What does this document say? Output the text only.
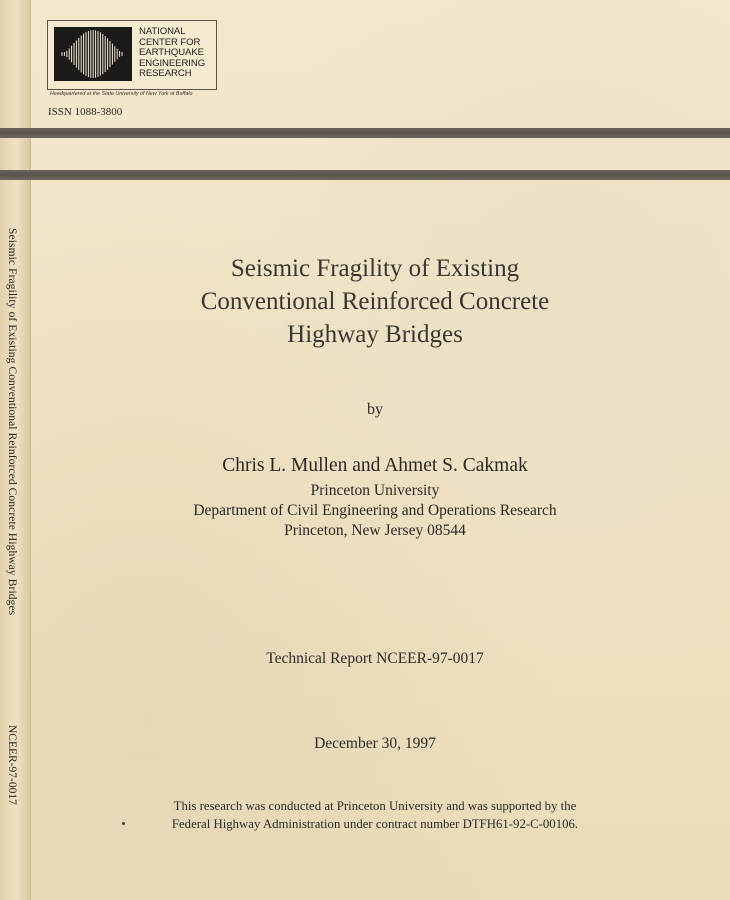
Seismic Fragility of Existing Conventional Reinforced Concrete Highway Bridges
NCEER-97-0017
NATIONAL
CENTER FOR
EARTHQUAKE
ENGINEERING
RESEARCH
Headquartered at the State University of New York at Buffalo
ISSN 1088-3800
Seismic Fragility of Existing
Conventional Reinforced Concrete
Highway Bridges
by
Chris L. Mullen and Ahmet S. Cakmak
Princeton University
Department of Civil Engineering and Operations Research
Princeton, New Jersey 08544
Technical Report NCEER-97-0017
December 30, 1997
This research was conducted at Princeton University and was supported by the
Federal Highway Administration under contract number DTFH61-92-C-00106.
